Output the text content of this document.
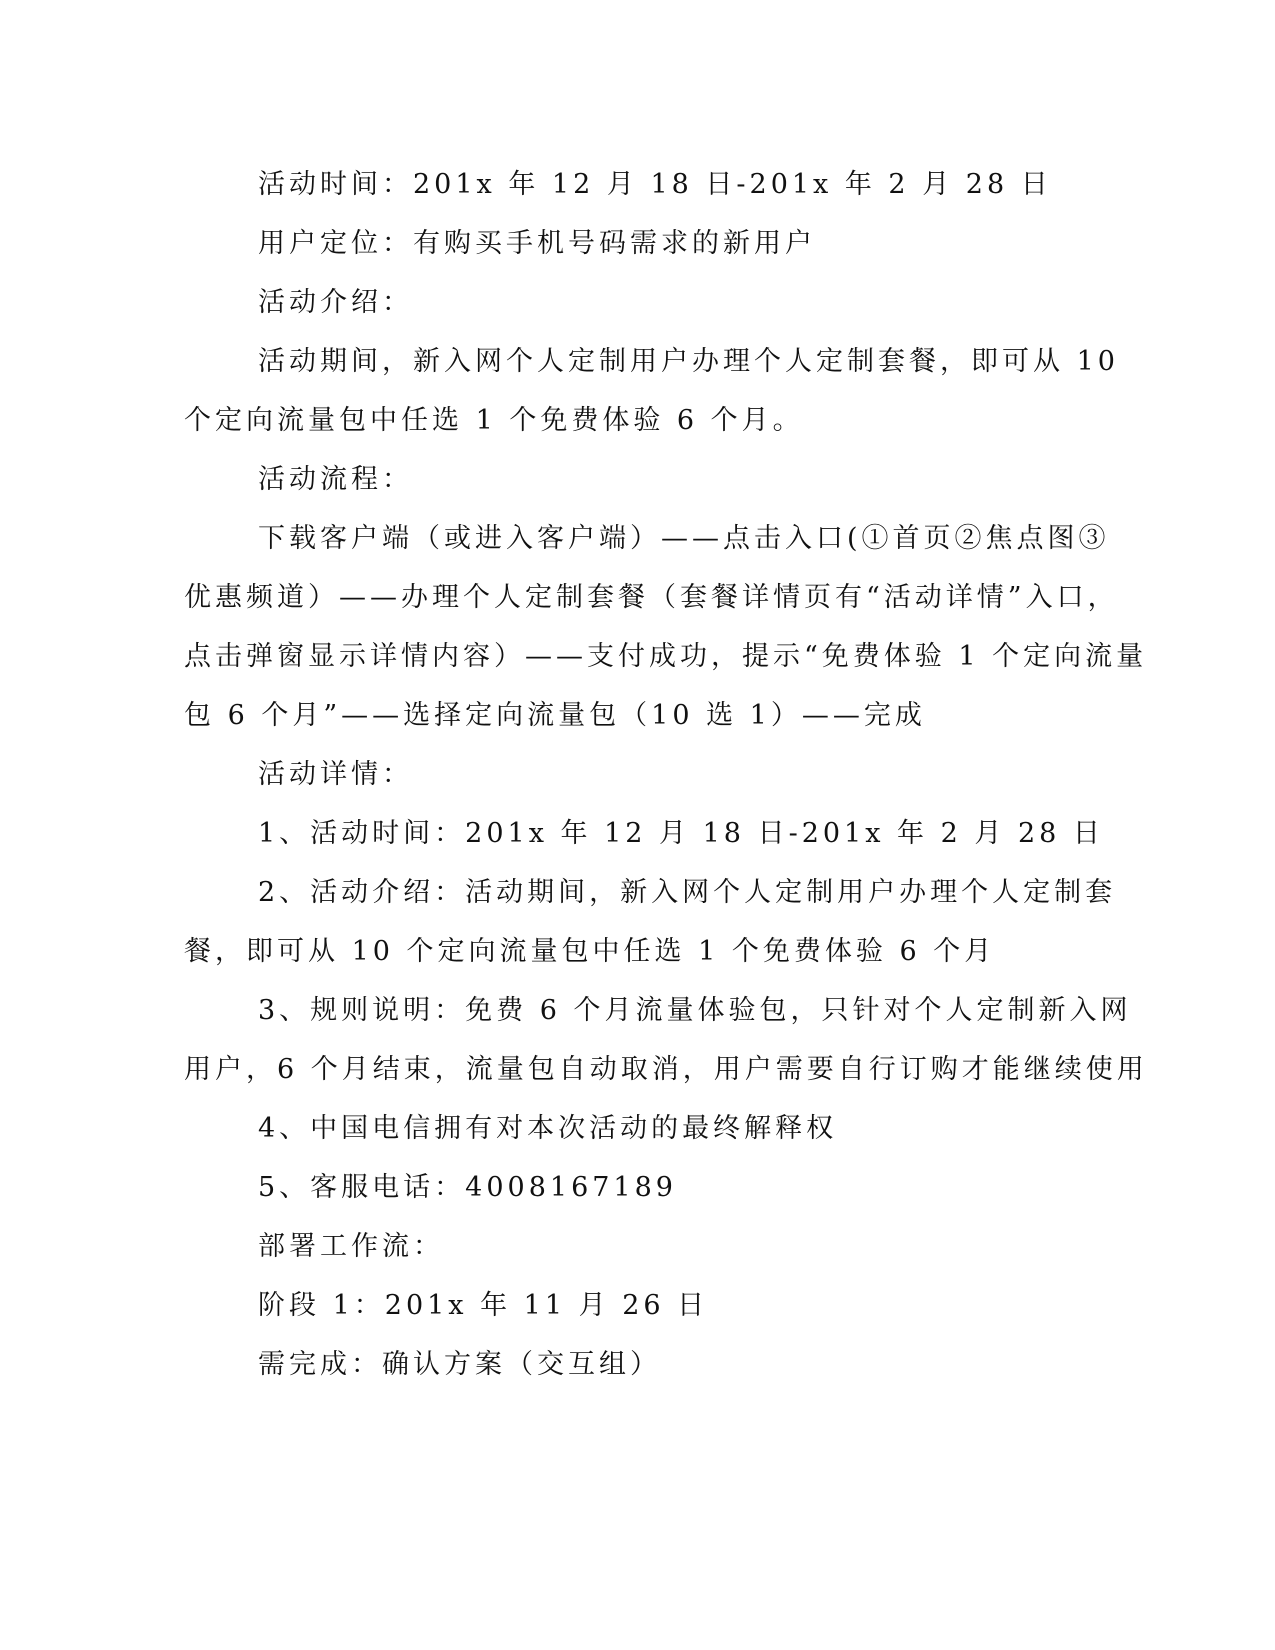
活动时间：201x 年 12 月 18 日-201x 年 2 月 28 日

用户定位：有购买手机号码需求的新用户

活动介绍：

活动期间，新入网个人定制用户办理个人定制套餐，即可从 10

个定向流量包中任选 1 个免费体验 6 个月。

活动流程：

下载客户端（或进入客户端）——点击入口(①首页②焦点图③

优惠频道）——办理个人定制套餐（套餐详情页有“活动详情”入口，

点击弹窗显示详情内容）——支付成功，提示“免费体验 1 个定向流量

包 6 个月”——选择定向流量包（10 选 1）——完成

活动详情：

1、活动时间：201x 年 12 月 18 日-201x 年 2 月 28 日

2、活动介绍：活动期间，新入网个人定制用户办理个人定制套

餐，即可从 10 个定向流量包中任选 1 个免费体验 6 个月

3、规则说明：免费 6 个月流量体验包，只针对个人定制新入网

用户，6 个月结束，流量包自动取消，用户需要自行订购才能继续使用

4、中国电信拥有对本次活动的最终解释权

5、客服电话：4008167189

部署工作流：

阶段 1：201x 年 11 月 26 日

需完成：确认方案（交互组）
